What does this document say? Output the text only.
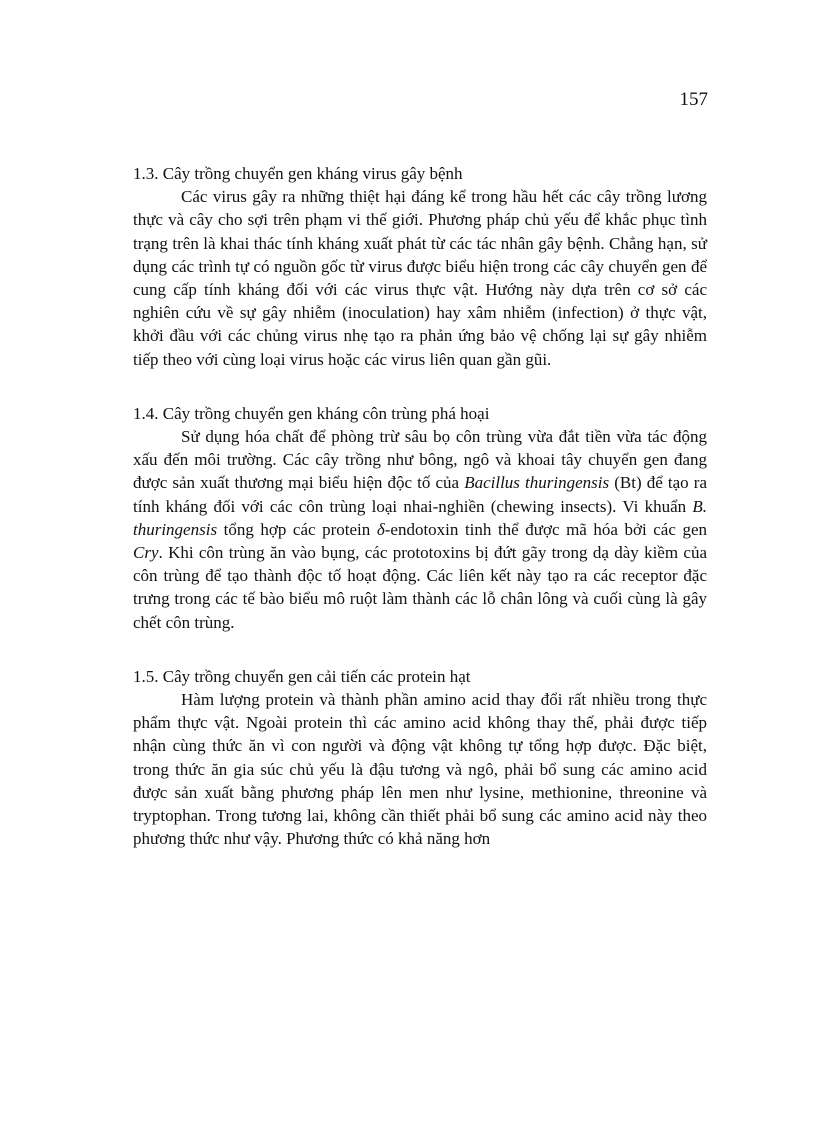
157
1.3. Cây trồng chuyển gen kháng virus gây bệnh

Các virus gây ra những thiệt hại đáng kể trong hầu hết các cây trồng lương thực và cây cho sợi trên phạm vi thế giới. Phương pháp chủ yếu để khắc phục tình trạng trên là khai thác tính kháng xuất phát từ các tác nhân gây bệnh. Chẳng hạn, sử dụng các trình tự có nguồn gốc từ virus được biểu hiện trong các cây chuyển gen để cung cấp tính kháng đối với các virus thực vật. Hướng này dựa trên cơ sở các nghiên cứu về sự gây nhiễm (inoculation) hay xâm nhiễm (infection) ở thực vật, khởi đầu với các chủng virus nhẹ tạo ra phản ứng bảo vệ chống lại sự gây nhiễm tiếp theo với cùng loại virus hoặc các virus liên quan gần gũi.

1.4. Cây trồng chuyển gen kháng côn trùng phá hoại

Sử dụng hóa chất để phòng trừ sâu bọ côn trùng vừa đắt tiền vừa tác động xấu đến môi trường. Các cây trồng như bông, ngô và khoai tây chuyển gen đang được sản xuất thương mại biểu hiện độc tố của Bacillus thuringensis (Bt) để tạo ra tính kháng đối với các côn trùng loại nhai-nghiền (chewing insects). Vi khuẩn B. thuringensis tổng hợp các protein δ-endotoxin tinh thể được mã hóa bởi các gen Cry. Khi côn trùng ăn vào bụng, các prototoxins bị đứt gãy trong dạ dày kiềm của côn trùng để tạo thành độc tố hoạt động. Các liên kết này tạo ra các receptor đặc trưng trong các tế bào biểu mô ruột làm thành các lỗ chân lông và cuối cùng là gây chết côn trùng.

1.5. Cây trồng chuyển gen cải tiến các protein hạt

Hàm lượng protein và thành phần amino acid thay đổi rất nhiều trong thực phẩm thực vật. Ngoài protein thì các amino acid không thay thế, phải được tiếp nhận cùng thức ăn vì con người và động vật không tự tổng hợp được. Đặc biệt, trong thức ăn gia súc chủ yếu là đậu tương và ngô, phải bổ sung các amino acid được sản xuất bằng phương pháp lên men như lysine, methionine, threonine và tryptophan. Trong tương lai, không cần thiết phải bổ sung các amino acid này theo phương thức như vậy. Phương thức có khả năng hơn
